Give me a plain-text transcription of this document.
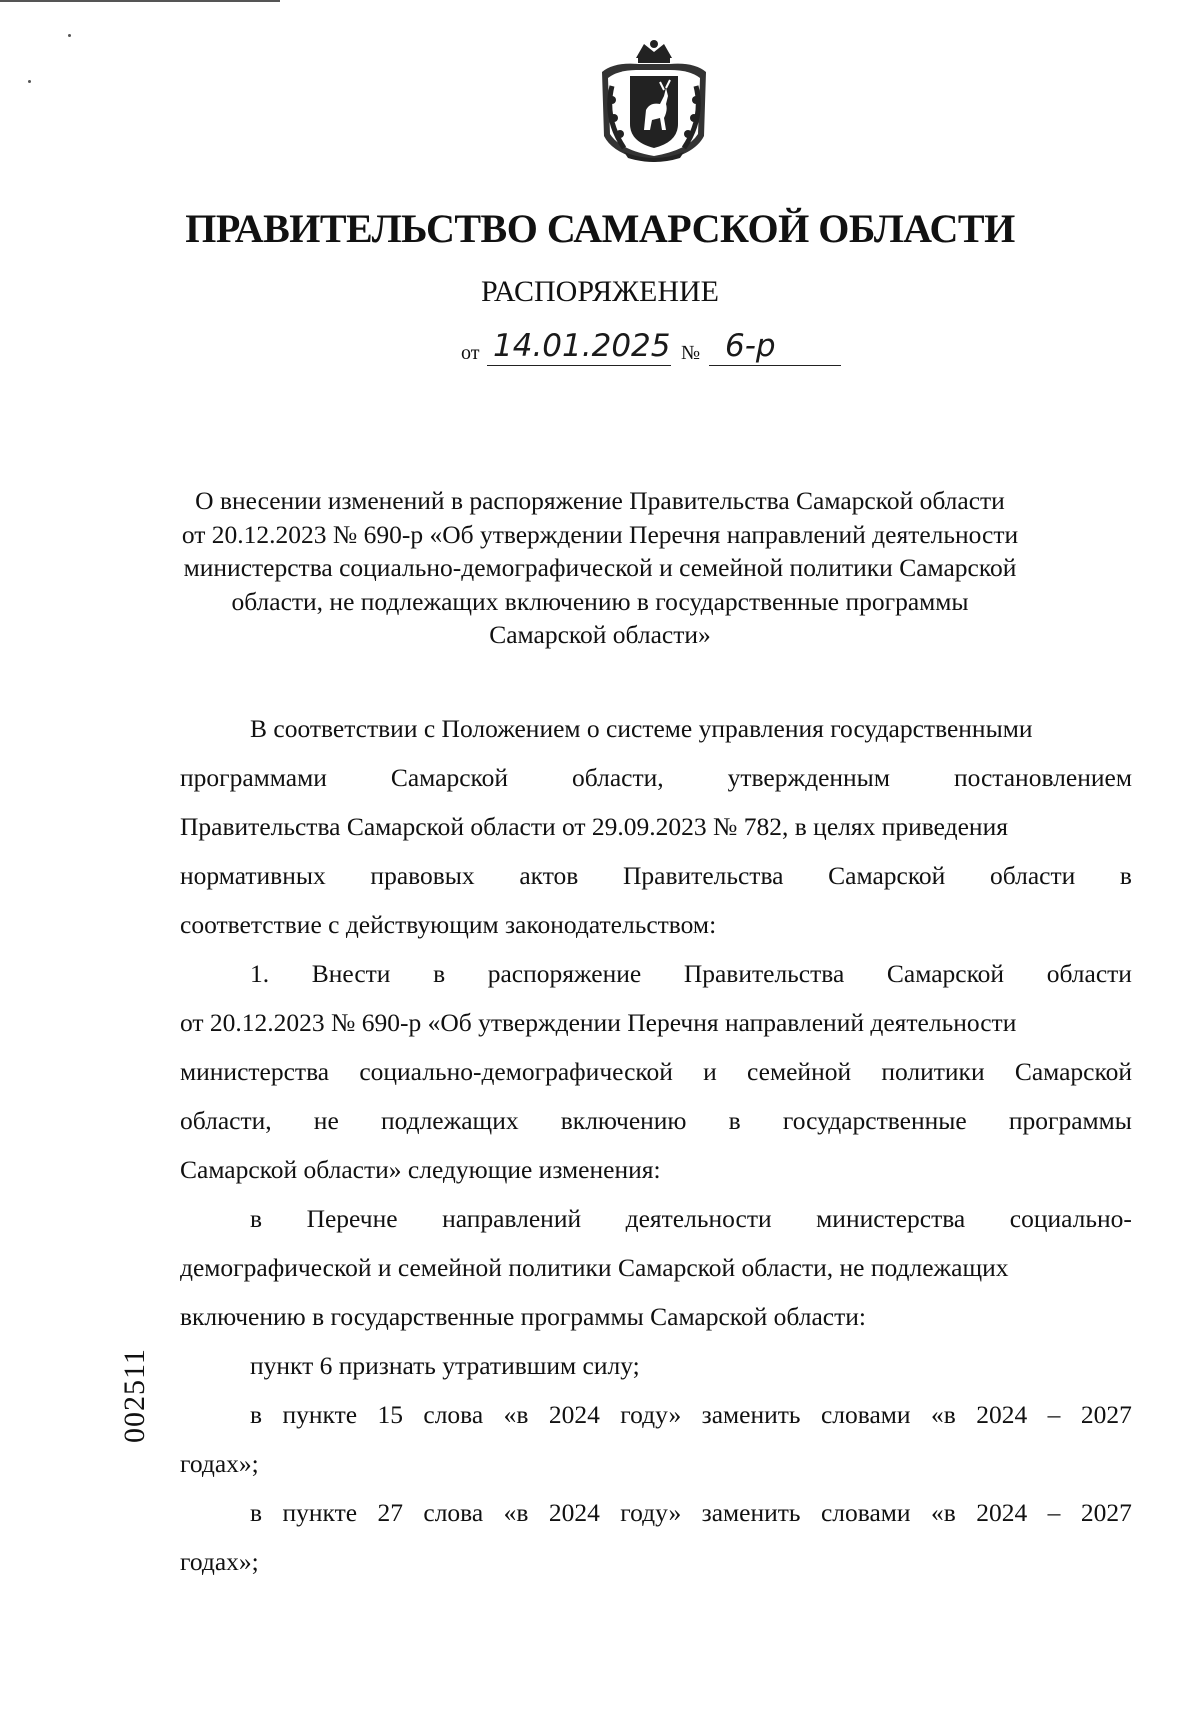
ПРАВИТЕЛЬСТВО САМАРСКОЙ ОБЛАСТИ
РАСПОРЯЖЕНИЕ
от 14.01.2025 № 6-р
О внесении изменений в распоряжение Правительства Самарской области
от 20.12.2023 № 690-р «Об утверждении Перечня направлений деятельности
министерства социально-демографической и семейной политики Самарской
области, не подлежащих включению в государственные программы
Самарской области»
В соответствии с Положением о системе управления государственными
программами	Самарской	области,	утвержденным	постановлением
Правительства Самарской области от 29.09.2023 № 782, в целях приведения
нормативных правовых актов Правительства Самарской области в
соответствие с действующим законодательством:
1. Внести в распоряжение Правительства Самарской области
от 20.12.2023 № 690-р «Об утверждении Перечня направлений деятельности
министерства социально-демографической и семейной политики Самарской
области, не подлежащих включению в государственные программы
Самарской области» следующие изменения:
в Перечне направлений деятельности министерства социально-
демографической и семейной политики Самарской области, не подлежащих
включению в государственные программы Самарской области:
пункт 6 признать утратившим силу;
в пункте 15 слова «в 2024 году» заменить словами «в 2024 – 2027
годах»;
в пункте 27 слова «в 2024 году» заменить словами «в 2024 – 2027
годах»;
002511
